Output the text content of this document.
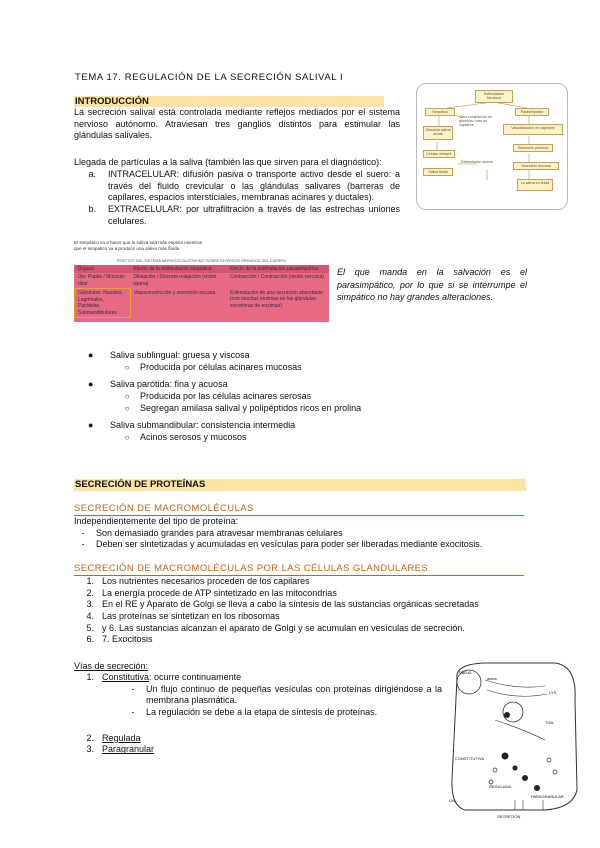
TEMA 17. REGULACIÓN DE LA SECRECIÓN SALIVAL I
INTRODUCCIÓN
La secreción salival está controlada mediante reflejos mediados por el sistema nervioso autónomo. Atraviesan tres ganglios distintos para estimular las glándulas salivales.
Llegada de partículas a la saliva (también las que sirven para el diagnóstico):
a.	INTRACELULAR: difusión pasiva o transporte activo desde el suero: a través del fluido crevicular o las glándulas salivares (barreras de capilares, espacios intersticiales, membranas acinares y ductales).
b.	EXTRACELULAR: por ultrafiltración a través de las estrechas uniones celulares.
Estimulación Nerviosa
Simpático	Parasimpático
Vaso constricción en glándula / vías en capilares
Glándula salival acinar
Vasodilatación en capilares
Células mioepit.
Secreción proteica
Estimulación ácinos
Saliva fluida
Secreción mucosa
La saliva es fluida
El simpático va a hacer que la saliva sea más espesa mientras
que el simpático va a producir una saliva más fluida
EFECTOS DEL SISTEMA NERVIOSO AUTÓNOMO SOBRE DIVERSOS ÓRGANOS DEL CUERPO
Órgano	Efecto de la estimulación simpática	Efecto de la estimulación parasimpática
Ojo: Pupila / Músculo ciliar	Dilatación / Discreta relajación (visión lejana)	Contracción / Contracción (visión cercana)
Glándulas: Nasales, Lagrimales, Parótidas, Submandibulares	Vasoconstricción y secreción escasa	Estimulación de una secreción abundante (con muchas enzimas en las glándulas secretoras de enzimas)
El que manda en la salvación es el parasimpático, por lo que si se interrumpe el simpático no hay grandes alteraciones.
● Saliva sublingual: gruesa y viscosa
○ Producida por células acinares mucosas
● Saliva parótida: fina y acuosa
○ Producida por las células acinares serosas
○ Segregan amilasa salival y polipéptidos ricos en prolina
● Saliva submandibular: consistencia intermedia
○ Acinos serosos y mucosos
SECRECIÓN DE PROTEÍNAS
SECRECIÓN DE MACROMOLÉCULAS
Independientemente del tipo de proteína:
- Son demasiado grandes para atravesar membranas celulares
- Deben ser sintetizadas y acumuladas en vesículas para poder ser liberadas mediante exocitosis.
SECRECIÓN DE MACROMOLÉCULAS POR LAS CÉLULAS GLANDULARES
1. Los nutrientes necesarios proceden de los capilares
2. La energía procede de ATP sintetizado en las mitocondrias
3. En el RE y Aparato de Golgi se lleva a cabo la síntesis de las sustancias orgánicas secretadas
4. Las proteínas se sintetizan en los ribosomas
5. y 6. Las sustancias alcanzan el aparato de Golgi y se acumulan en vesículas de secreción.
6. 7. Exocitosis
Vías de secreción:
1. Constitutiva: ocurre continuamente
-	Un flujo continuo de pequeñas vesículas con proteínas dirigiéndose a la membrana plasmática.
-	La regulación se debe a la etapa de síntesis de proteínas.
2. Regulada
3. Paragranular
Vacuo
ácina
TGN
LYS
CONSTITUTIVA
REGULADA
PARAGRANULAR
LM
SECRETION
